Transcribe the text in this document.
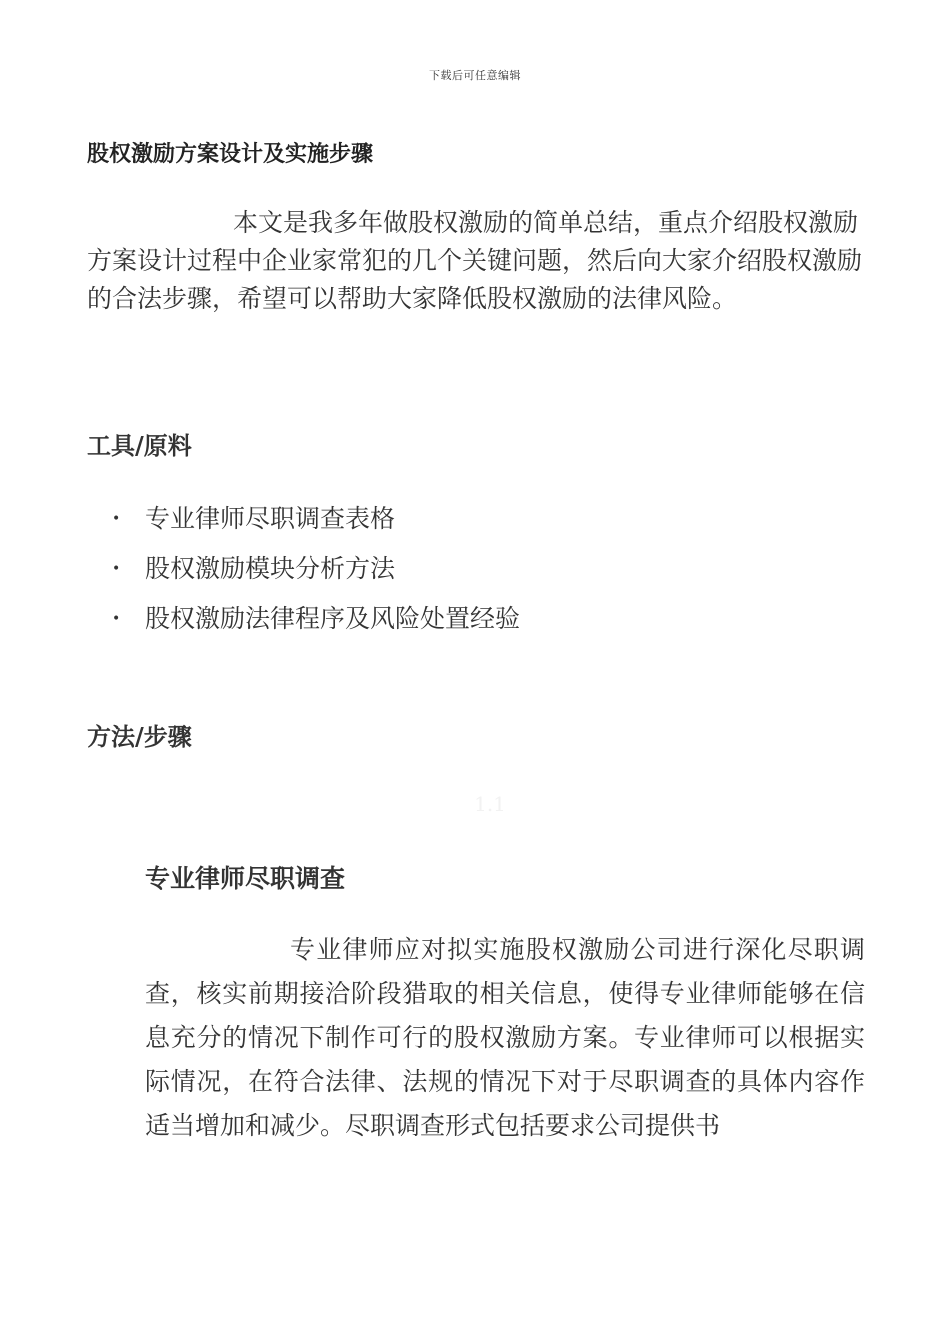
下载后可任意编辑
股权激励方案设计及实施步骤

本文是我多年做股权激励的简单总结，重点介绍股权激励方案设计过程中企业家常犯的几个关键问题，然后向大家介绍股权激励的合法步骤，希望可以帮助大家降低股权激励的法律风险。

工具/原料
• 专业律师尽职调查表格
• 股权激励模块分析方法
• 股权激励法律程序及风险处置经验
方法/步骤
1.1
专业律师尽职调查

专业律师应对拟实施股权激励公司进行深化尽职调查，核实前期接洽阶段猎取的相关信息，使得专业律师能够在信息充分的情况下制作可行的股权激励方案。专业律师可以根据实际情况，在符合法律、法规的情况下对于尽职调查的具体内容作适当增加和减少。尽职调查形式包括要求公司提供书
